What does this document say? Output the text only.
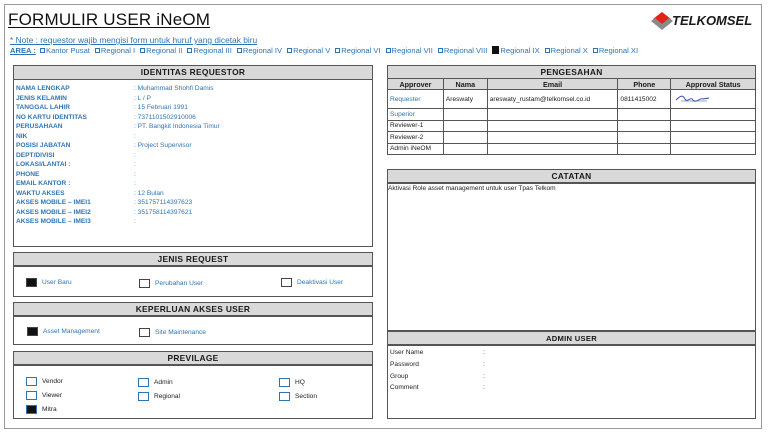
FORMULIR USER iNeOM	TELKOMSEL
* Note : requestor wajib mengisi form untuk huruf yang dicetak biru
AREA : Kantor Pusat Regional I Regional II Regional III Regional IV Regional V Regional VI Regional VII Regional VIII Regional IX Regional X Regional XI
IDENTITAS REQUESTOR
NAMA LENGKAP	: Muhammad Shohfi Damis
JENIS KELAMIN	: L / P
TANGGAL LAHIR	: 15 Februari 1991
NO KARTU IDENTITAS	: 7371101502910006
PERUSAHAAN	: PT. Bangkit Indonesia Timur
NIK	:
POSISI JABATAN	: Project Supervisor
DEPT/DIVISI	:
LOKASI/LANTAI :	:
PHONE	:
EMAIL KANTOR :	:
WAKTU AKSES	: 12 Bulan
AKSES MOBILE – IMEI1	: 351757114397623
AKSES MOBILE – IMEI2	: 351758114397621
AKSES MOBILE – IMEI3	:
JENIS REQUEST
User Baru	Perubahan User	Deaktivasi User
KEPERLUAN AKSES USER
Asset Management	Site Maintenance
PREVILAGE
Vendor	Admin	HQ
Viewer	Regional	Section
Mitra
PENGESAHAN
Approver	Nama	Email	Phone	Approval Status
Requester	Areswaty	areswaty_rustam@telkomsel.co.id	0811415002	
Superior				
Reviewer-1				
Reviewer-2				
Admin iNeOM				
CATATAN
Aktivasi Role asset management untuk user Tpas Telkom
ADMIN USER
User Name	:
Password	:
Group	:
Comment	:
